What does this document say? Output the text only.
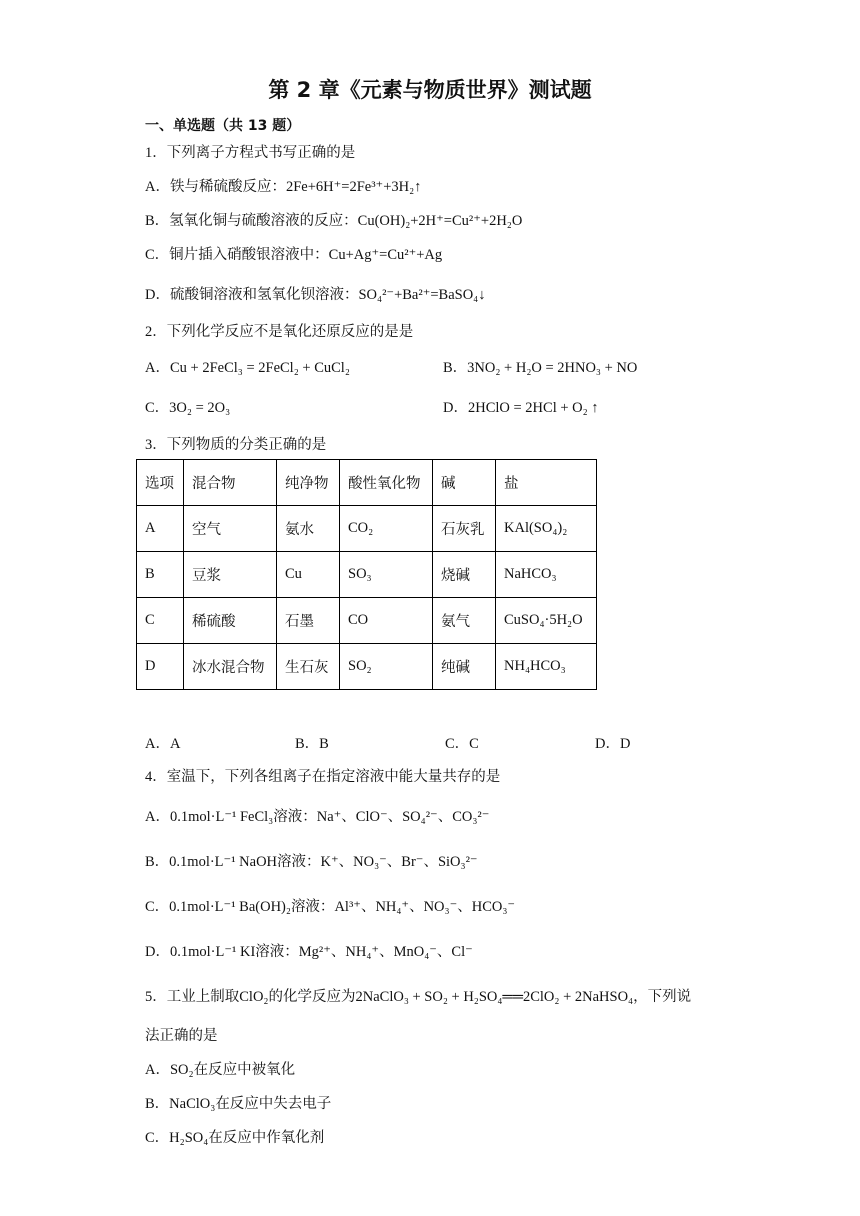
第 2 章《元素与物质世界》测试题
一、单选题（共 13 题）
1．下列离子方程式书写正确的是
A．铁与稀硫酸反应：2Fe+6H⁺=2Fe³⁺+3H₂↑
B．氢氧化铜与硫酸溶液的反应：Cu(OH)₂+2H⁺=Cu²⁺+2H₂O
C．铜片插入硝酸银溶液中：Cu+Ag⁺=Cu²⁺+Ag
D．硫酸铜溶液和氢氧化钡溶液：SO₄²⁻+Ba²⁺=BaSO₄↓
2．下列化学反应不是氧化还原反应的是是
A．Cu + 2FeCl₃ = 2FeCl₂ + CuCl₂	B．3NO₂ + H₂O = 2HNO₃ + NO
C．3O₂ = 2O₃	D．2HClO = 2HCl + O₂ ↑
3．下列物质的分类正确的是
选项	混合物	纯净物	酸性氧化物	碱	盐
A	空气	氨水	CO₂	石灰乳	KAl(SO₄)₂
B	豆浆	Cu	SO₃	烧碱	NaHCO₃
C	稀硫酸	石墨	CO	氨气	CuSO₄·5H₂O
D	冰水混合物	生石灰	SO₂	纯碱	NH₄HCO₃
A．A	B．B	C．C	D．D
4．室温下，下列各组离子在指定溶液中能大量共存的是
A．0.1mol·L⁻¹ FeCl₃溶液：Na⁺、ClO⁻、SO₄²⁻、CO₃²⁻
B．0.1mol·L⁻¹ NaOH溶液：K⁺、NO₃⁻、Br⁻、SiO₃²⁻
C．0.1mol·L⁻¹ Ba(OH)₂溶液：Al³⁺、NH₄⁺、NO₃⁻、HCO₃⁻
D．0.1mol·L⁻¹ KI溶液：Mg²⁺、NH₄⁺、MnO₄⁻、Cl⁻
5．工业上制取ClO₂的化学反应为2NaClO₃ + SO₂ + H₂SO₄══2ClO₂ + 2NaHSO₄，下列说
法正确的是
A．SO₂在反应中被氧化
B．NaClO₃在反应中失去电子
C．H₂SO₄在反应中作氧化剂
